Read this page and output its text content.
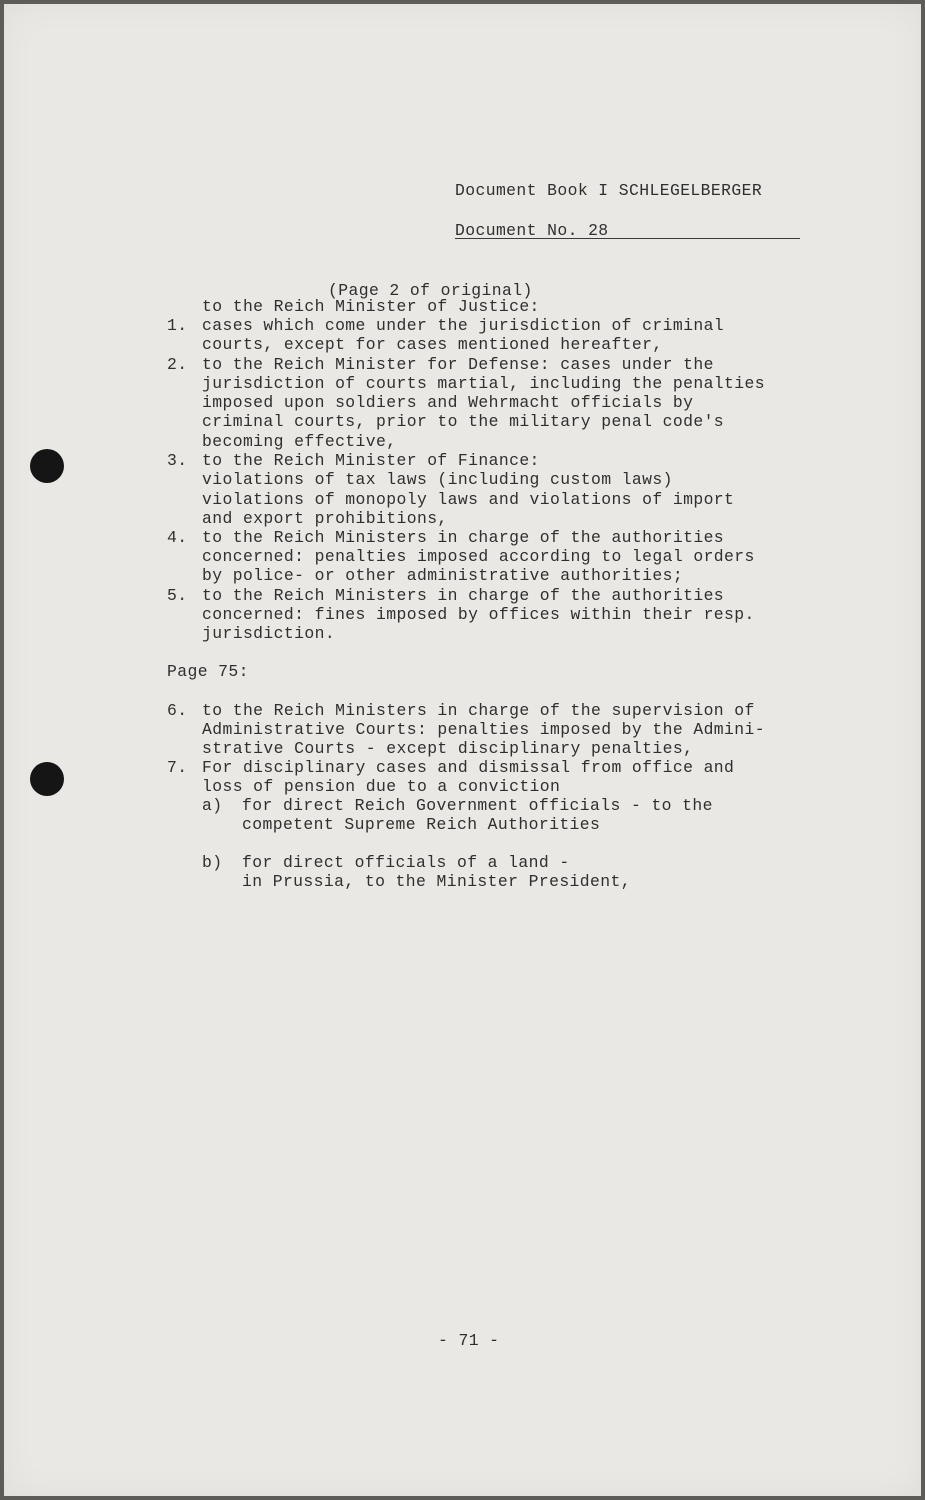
Document Book I SCHLEGELBERGER
Document No. 28
(Page 2 of original)
to the Reich Minister of Justice:
1. cases which come under the jurisdiction of criminal
courts, except for cases mentioned hereafter,
2. to the Reich Minister for Defense: cases under the
jurisdiction of courts martial, including the penalties
imposed upon soldiers and Wehrmacht officials by
criminal courts, prior to the military penal code's
becoming effective,
3. to the Reich Minister of Finance:
violations of tax laws (including custom laws)
violations of monopoly laws and violations of import
and export prohibitions,
4. to the Reich Ministers in charge of the authorities
concerned: penalties imposed according to legal orders
by police- or other administrative authorities;
5. to the Reich Ministers in charge of the authorities
concerned: fines imposed by offices within their resp.
jurisdiction.
Page 75:
6. to the Reich Ministers in charge of the supervision of
Administrative Courts: penalties imposed by the Admini-
strative Courts - except disciplinary penalties,
7. For disciplinary cases and dismissal from office and
loss of pension due to a conviction
a) for direct Reich Government officials - to the
competent Supreme Reich Authorities
b) for direct officials of a land -
in Prussia, to the Minister President,
- 71 -
